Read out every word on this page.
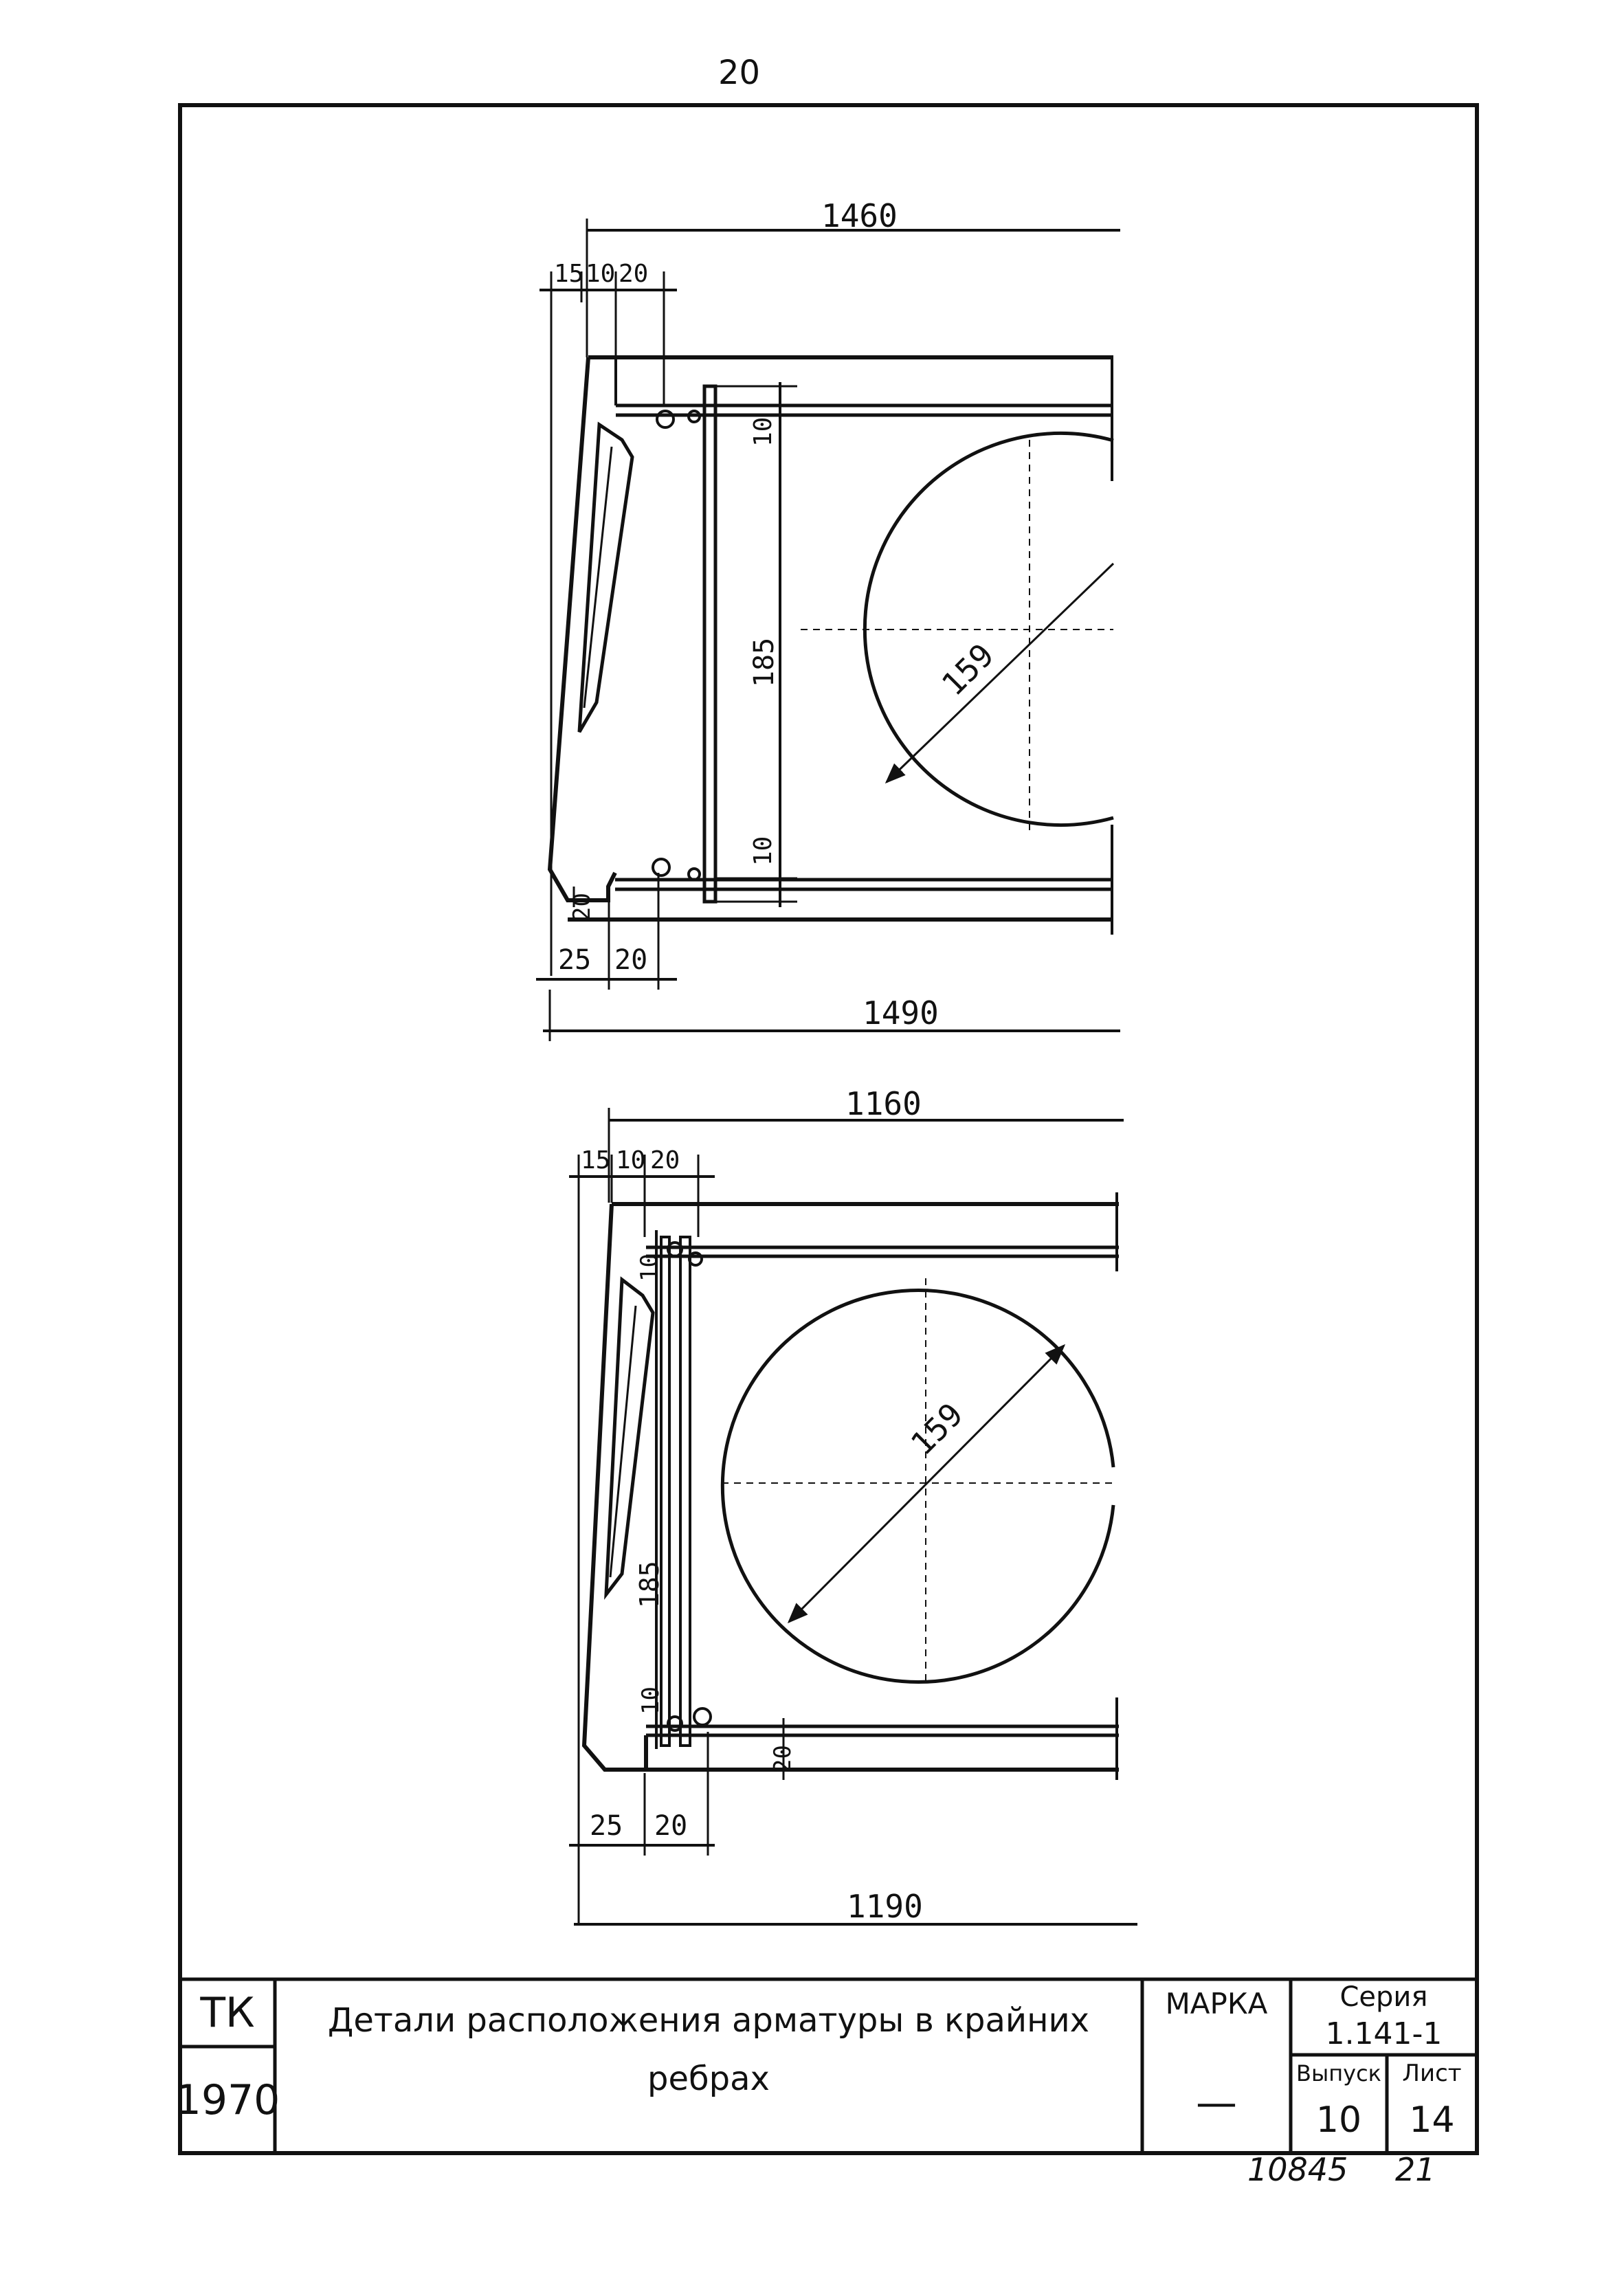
1460
15 10 20
10
185
10
20
159
25 20
1490
1160
15 10 20
10
185
10
20
159
25 20
1190
20
10845 21
ТК
1970
Детали расположения арматуры в крайних
ребрах
МАРКА
—
Серия
1.141-1
Выпуск
10
Лист
14
